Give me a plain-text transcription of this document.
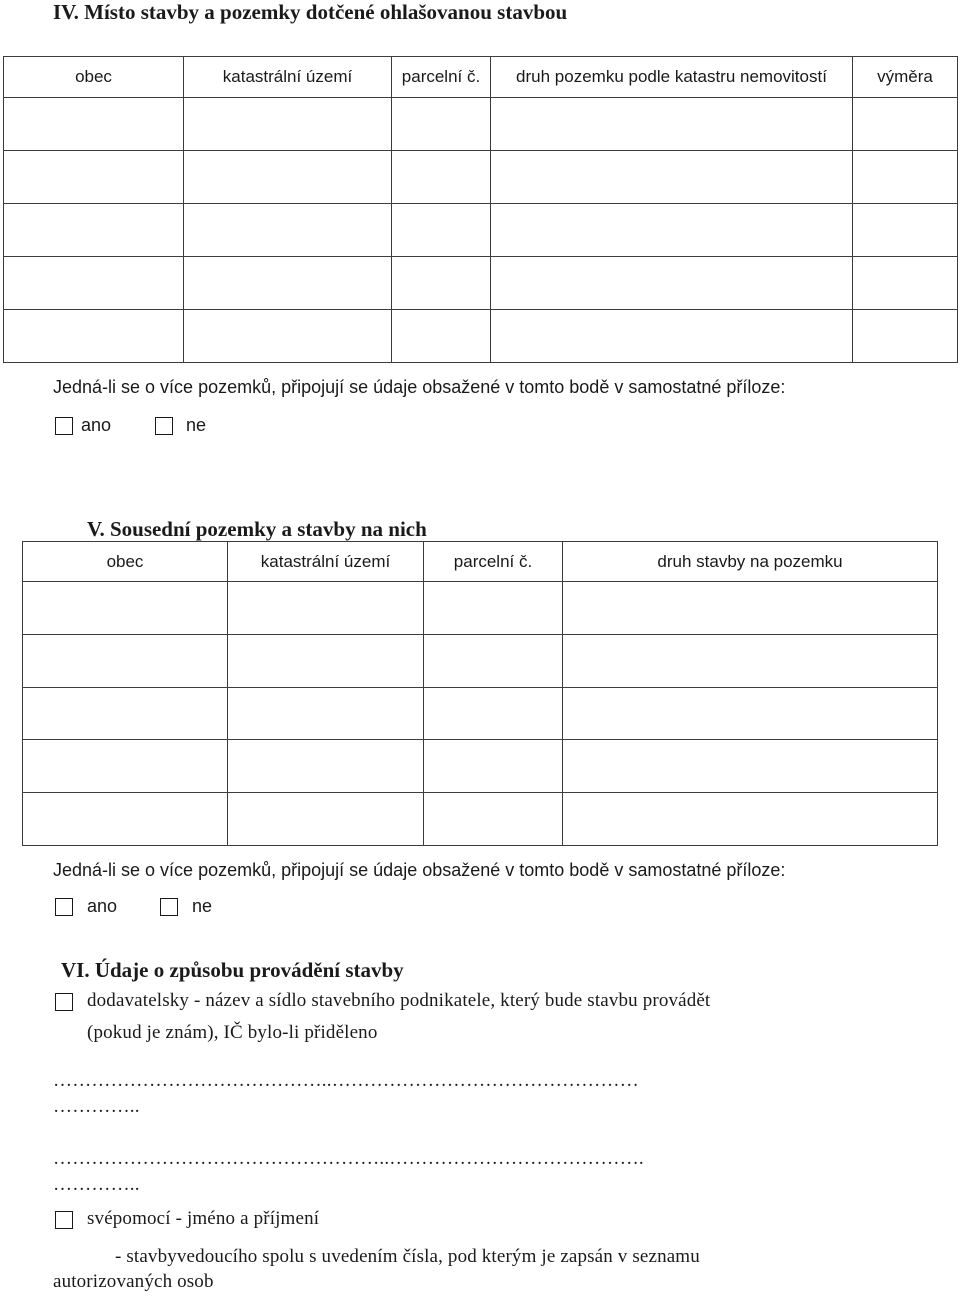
IV. Místo stavby a pozemky dotčené ohlašovanou stavbou
obec	katastrální území	parcelní č.	druh pozemku podle katastru nemovitostí	výměra

Jedná-li se o více pozemků, připojují se údaje obsažené v tomto bodě v samostatné příloze:
ano	ne
V. Sousední pozemky a stavby na nich
obec	katastrální území	parcelní č.	druh stavby na pozemku

Jedná-li se o více pozemků, připojují se údaje obsažené v tomto bodě v samostatné příloze:
ano	ne
VI. Údaje o způsobu provádění stavby
dodavatelsky - název a sídlo stavebního podnikatele, který bude stavbu provádět
(pokud je znám), IČ bylo-li přiděleno
……………………………………..…………………………………………
…………..
……………………………………………..………………………………….
…………..
svépomocí - jméno a příjmení
- stavbyvedoucího spolu s uvedením čísla, pod kterým je zapsán v seznamu
autorizovaných osob
